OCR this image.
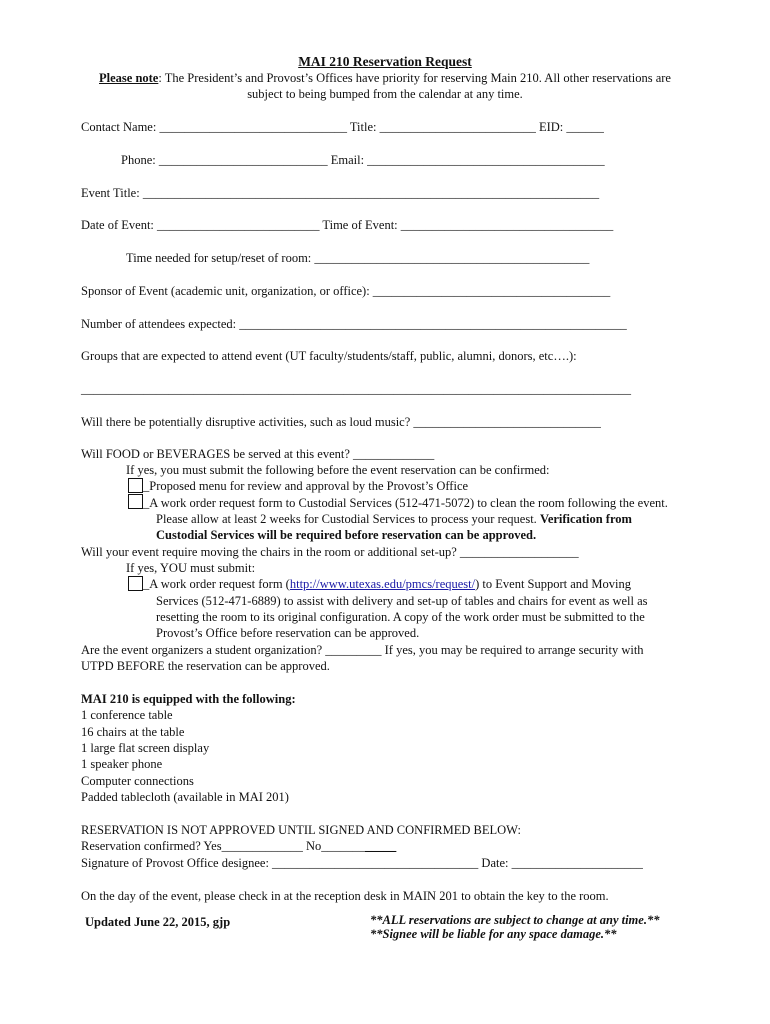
MAI 210 Reservation Request
Please note: The President’s and Provost’s Offices have priority for reserving Main 210. All other reservations are
subject to being bumped from the calendar at any time.
Contact Name: ______________________________ Title: _________________________ EID: ______
Phone: ___________________________ Email: ______________________________________
Event Title: _________________________________________________________________________
Date of Event: __________________________ Time of Event: __________________________________
Time needed for setup/reset of room: ____________________________________________
Sponsor of Event (academic unit, organization, or office): ______________________________________
Number of attendees expected: ______________________________________________________________
Groups that are expected to attend event (UT faculty/students/staff, public, alumni, donors, etc….):
________________________________________________________________________________________
Will there be potentially disruptive activities, such as loud music? ______________________________
Will FOOD or BEVERAGES be served at this event? _____________
If yes, you must submit the following before the event reservation can be confirmed:
_Proposed menu for review and approval by the Provost’s Office
_A work order request form to Custodial Services (512-471-5072) to clean the room following the event.
Please allow at least 2 weeks for Custodial Services to process your request. Verification from
Custodial Services will be required before reservation can be approved.
Will your event require moving the chairs in the room or additional set-up? ___________________
If yes, YOU must submit:
_A work order request form (http://www.utexas.edu/pmcs/request/) to Event Support and Moving
Services (512-471-6889) to assist with delivery and set-up of tables and chairs for event as well as
resetting the room to its original configuration. A copy of the work order must be submitted to the
Provost’s Office before reservation can be approved.
Are the event organizers a student organization? _________ If yes, you may be required to arrange security with
UTPD BEFORE the reservation can be approved.
MAI 210 is equipped with the following:
1 conference table
16 chairs at the table
1 large flat screen display
1 speaker phone
Computer connections
Padded tablecloth (available in MAI 201)
RESERVATION IS NOT APPROVED UNTIL SIGNED AND CONFIRMED BELOW:
Reservation confirmed? Yes_____________ No____________
Signature of Provost Office designee: _________________________________ Date: _____________________
On the day of the event, please check in at the reception desk in MAIN 201 to obtain the key to the room.
Updated June 22, 2015, gjp	**ALL reservations are subject to change at any time.**
**Signee will be liable for any space damage.**
